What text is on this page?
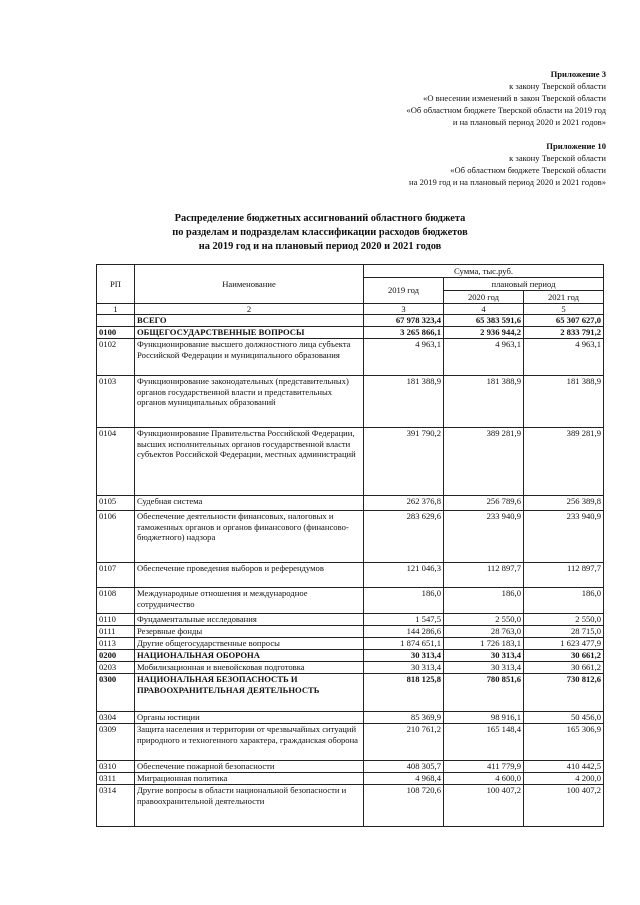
Приложение 3
к закону Тверской области
«О внесении изменений в закон Тверской области
«Об областном бюджете Тверской области на 2019 год
и на плановый период 2020 и 2021 годов»
Приложение 10
к закону Тверской области
«Об областном бюджете Тверской области
на 2019 год и на плановый период 2020 и 2021 годов»
Распределение бюджетных ассигнований областного бюджета
по разделам и подразделам классификации расходов бюджетов
на 2019 год и на плановый период 2020 и 2021 годов
РП	Наименование	Сумма, тыс.руб.		
		2019 год	плановый период	
			2020 год	2021 год
1	2	3	4	5
	ВСЕГО	67 978 323,4	65 383 591,6	65 307 627,0
0100	ОБЩЕГОСУДАРСТВЕННЫЕ ВОПРОСЫ	3 265 866,1	2 936 944,2	2 833 791,2
0102	Функционирование высшего должностного лица субъекта Российской Федерации и муниципального образования	4 963,1	4 963,1	4 963,1
0103	Функционирование законодательных (представительных) органов государственной власти и представительных органов муниципальных образований	181 388,9	181 388,9	181 388,9
0104	Функционирование Правительства Российской Федерации, высших исполнительных органов государственной власти субъектов Российской Федерации, местных администраций	391 790,2	389 281,9	389 281,9
0105	Судебная система	262 376,8	256 789,6	256 389,8
0106	Обеспечение деятельности финансовых, налоговых и таможенных органов и органов финансового (финансово-бюджетного) надзора	283 629,6	233 940,9	233 940,9
0107	Обеспечение проведения выборов и референдумов	121 046,3	112 897,7	112 897,7
0108	Международные отношения и международное сотрудничество	186,0	186,0	186,0
0110	Фундаментальные исследования	1 547,5	2 550,0	2 550,0
0111	Резервные фонды	144 286,6	28 763,0	28 715,0
0113	Другие общегосударственные вопросы	1 874 651,1	1 726 183,1	1 623 477,9
0200	НАЦИОНАЛЬНАЯ ОБОРОНА	30 313,4	30 313,4	30 661,2
0203	Мобилизационная и вневойсковая подготовка	30 313,4	30 313,4	30 661,2
0300	НАЦИОНАЛЬНАЯ БЕЗОПАСНОСТЬ И ПРАВООХРАНИТЕЛЬНАЯ ДЕЯТЕЛЬНОСТЬ	818 125,8	780 851,6	730 812,6
0304	Органы юстиции	85 369,9	98 916,1	50 456,0
0309	Защита населения и территории от чрезвычайных ситуаций природного и техногенного характера, гражданская оборона	210 761,2	165 148,4	165 306,9
0310	Обеспечение пожарной безопасности	408 305,7	411 779,9	410 442,5
0311	Миграционная политика	4 968,4	4 600,0	4 200,0
0314	Другие вопросы в области национальной безопасности и правоохранительной деятельности	108 720,6	100 407,2	100 407,2
